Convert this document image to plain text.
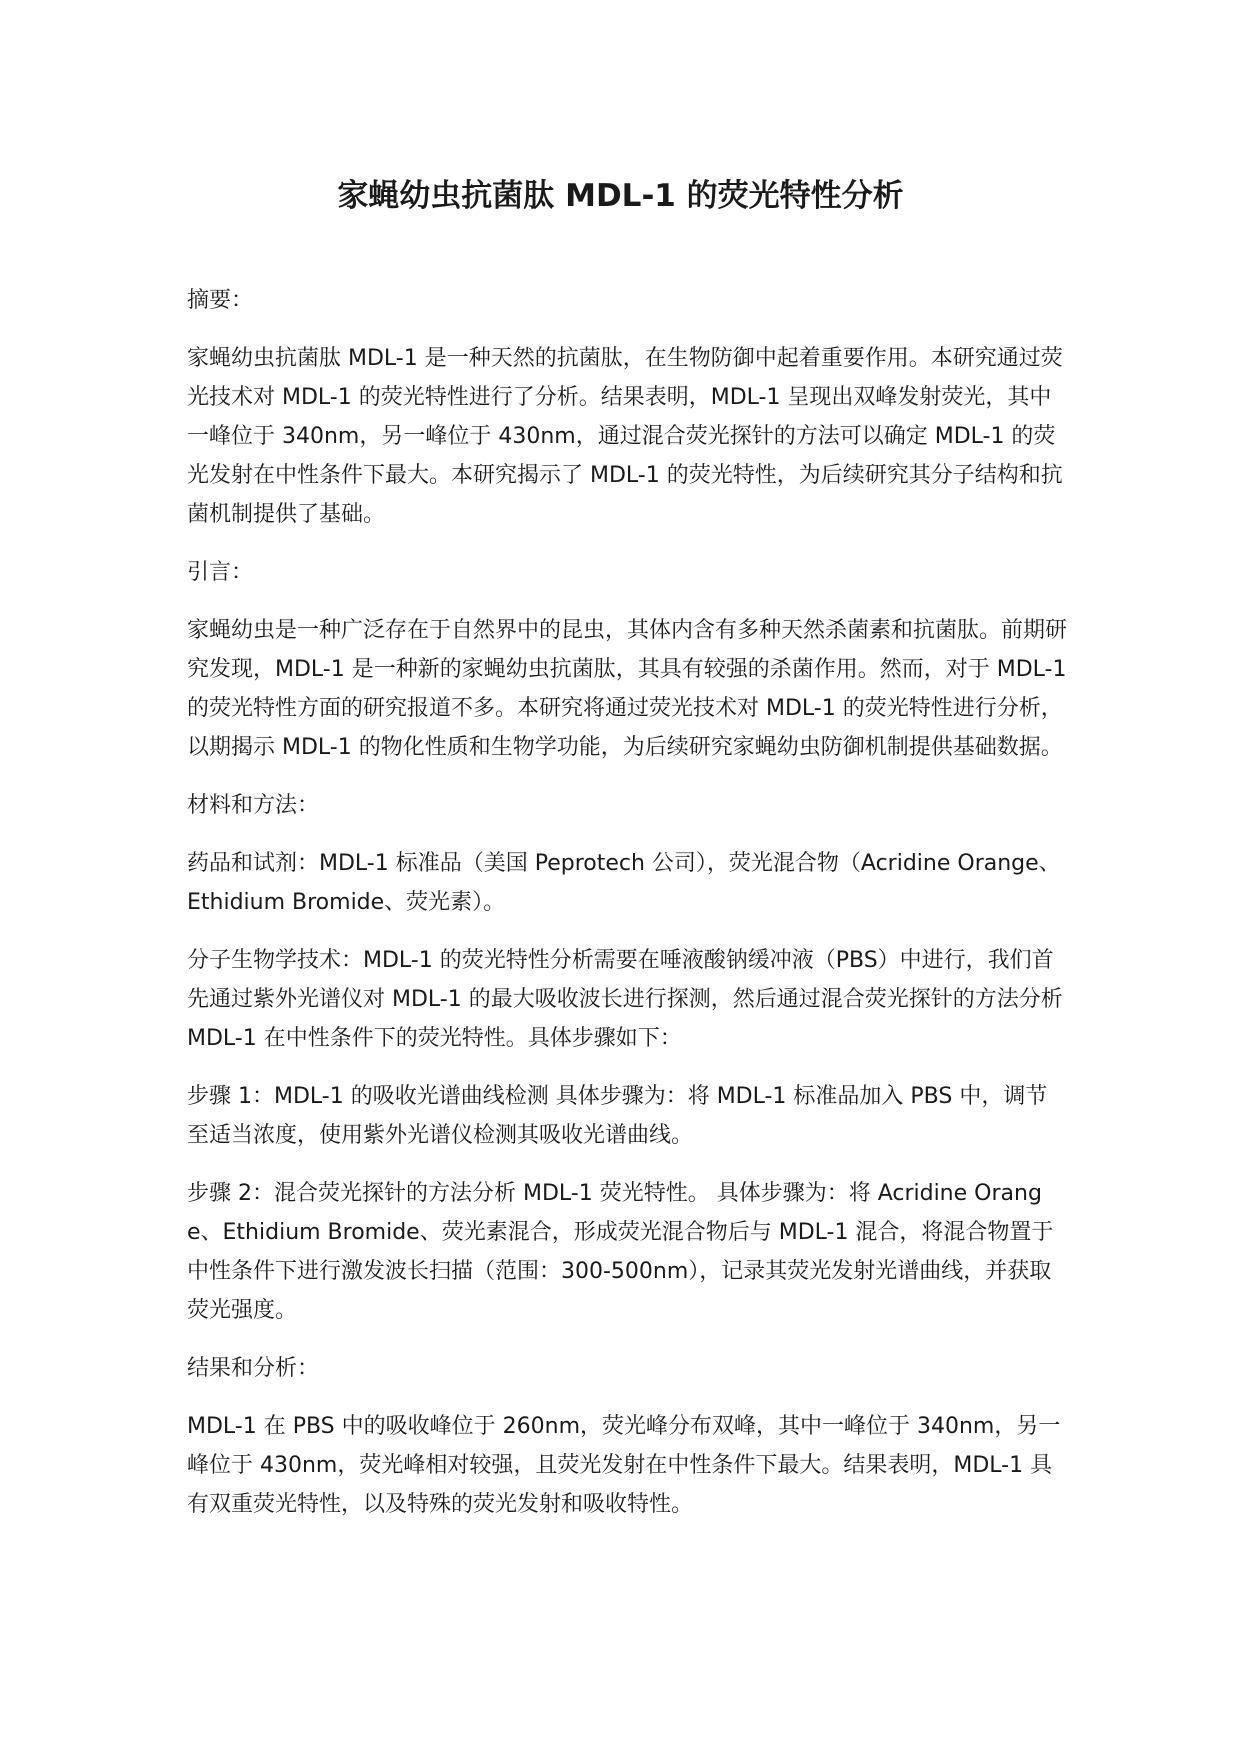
家蝇幼虫抗菌肽 MDL-1 的荧光特性分析

摘要：

家蝇幼虫抗菌肽 MDL-1 是一种天然的抗菌肽，在生物防御中起着重要作用。本研究通过荧光技术对 MDL-1 的荧光特性进行了分析。结果表明，MDL-1 呈现出双峰发射荧光，其中一峰位于 340nm，另一峰位于 430nm，通过混合荧光探针的方法可以确定 MDL-1 的荧光发射在中性条件下最大。本研究揭示了 MDL-1 的荧光特性，为后续研究其分子结构和抗菌机制提供了基础。

引言：

家蝇幼虫是一种广泛存在于自然界中的昆虫，其体内含有多种天然杀菌素和抗菌肽。前期研究发现，MDL-1 是一种新的家蝇幼虫抗菌肽，其具有较强的杀菌作用。然而，对于 MDL-1 的荧光特性方面的研究报道不多。本研究将通过荧光技术对 MDL-1 的荧光特性进行分析，以期揭示 MDL-1 的物化性质和生物学功能，为后续研究家蝇幼虫防御机制提供基础数据。

材料和方法：

药品和试剂：MDL-1 标准品（美国 Peprotech 公司），荧光混合物（Acridine Orange、Ethidium Bromide、荧光素）。

分子生物学技术：MDL-1 的荧光特性分析需要在唾液酸钠缓冲液（PBS）中进行，我们首先通过紫外光谱仪对 MDL-1 的最大吸收波长进行探测，然后通过混合荧光探针的方法分析 MDL-1 在中性条件下的荧光特性。具体步骤如下：

步骤 1：MDL-1 的吸收光谱曲线检测 具体步骤为：将 MDL-1 标准品加入 PBS 中，调节至适当浓度，使用紫外光谱仪检测其吸收光谱曲线。

步骤 2：混合荧光探针的方法分析 MDL-1 荧光特性。 具体步骤为：将 Acridine Orange、Ethidium Bromide、荧光素混合，形成荧光混合物后与 MDL-1 混合，将混合物置于中性条件下进行激发波长扫描（范围：300-500nm），记录其荧光发射光谱曲线，并获取荧光强度。

结果和分析：

MDL-1 在 PBS 中的吸收峰位于 260nm，荧光峰分布双峰，其中一峰位于 340nm，另一峰位于 430nm，荧光峰相对较强，且荧光发射在中性条件下最大。结果表明，MDL-1 具有双重荧光特性，以及特殊的荧光发射和吸收特性。
